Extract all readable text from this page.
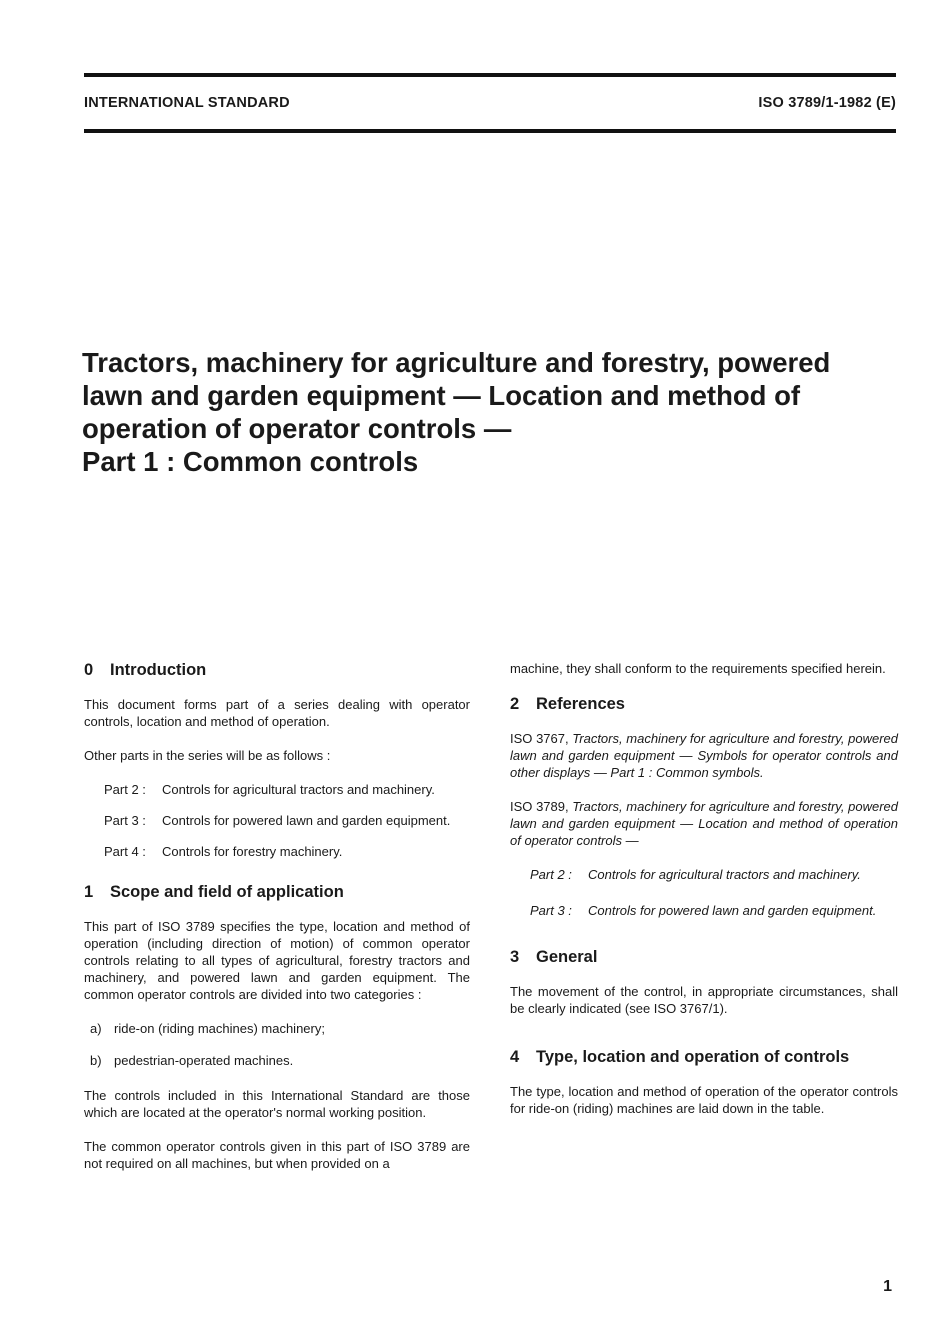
INTERNATIONAL STANDARD	ISO 3789/1-1982 (E)
Tractors, machinery for agriculture and forestry, powered
lawn and garden equipment — Location and method of
operation of operator controls —
Part 1 : Common controls
0 Introduction

This document forms part of a series dealing with operator controls, location and method of operation.

Other parts in the series will be as follows :

Part 2 :	Controls for agricultural tractors and machinery.
Part 3 :	Controls for powered lawn and garden equipment.
Part 4 :	Controls for forestry machinery.
1 Scope and field of application

This part of ISO 3789 specifies the type, location and method of operation (including direction of motion) of common operator controls relating to all types of agricultural, forestry tractors and machinery, and powered lawn and garden equipment. The common operator controls are divided into two categories :

a) ride-on (riding machines) machinery;
b) pedestrian-operated machines.

The controls included in this International Standard are those which are located at the operator's normal working position.

The common operator controls given in this part of ISO 3789 are not required on all machines, but when provided on a

machine, they shall conform to the requirements specified herein.

2 References

ISO 3767, Tractors, machinery for agriculture and forestry, powered lawn and garden equipment — Symbols for operator controls and other displays — Part 1 : Common symbols.

ISO 3789, Tractors, machinery for agriculture and forestry, powered lawn and garden equipment — Location and method of operation of operator controls —

Part 2 :	Controls for agricultural tractors and machinery.
Part 3 :	Controls for powered lawn and garden equipment.
3 General

The movement of the control, in appropriate circumstances, shall be clearly indicated (see ISO 3767/1).

4 Type, location and operation of controls

The type, location and method of operation of the operator controls for ride-on (riding) machines are laid down in the table.

1
